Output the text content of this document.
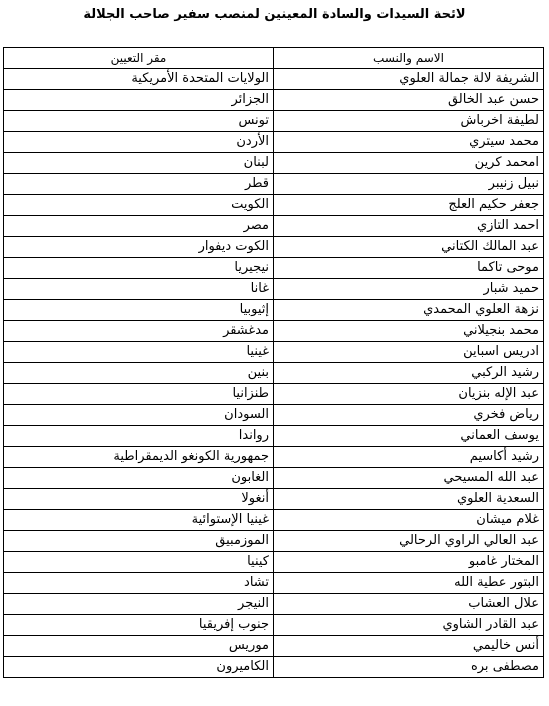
لائحة السيدات والسادة المعينين لمنصب سفير صاحب الجلالة
الاسم والنسب	مقر التعيين
الشريفة لالة جمالة العلوي	الولايات المتحدة الأمريكية
حسن عبد الخالق	الجزائر
لطيفة اخرباش	تونس
محمد سيتري	الأردن
امحمد كرين	لبنان
نبيل زنيبر	قطر
جعفر حكيم العلج	الكويت
احمد التازي	مصر
عبد المالك الكتاني	الكوت ديفوار
موحى تاكما	نيجيريا
حميد شبار	غانا
نزهة العلوي المحمدي	إثيوبيا
محمد بنجيلاني	مدغشقر
ادريس اسباين	غينيا
رشيد الركبي	بنين
عبد الإله بنزيان	طنزانيا
رياض فخري	السودان
يوسف العماني	رواندا
رشيد أكاسيم	جمهورية الكونغو الديمقراطية
عبد الله المسيحي	الغابون
السعدية العلوي	أنغولا
غلام ميشان	غينيا الإستوائية
عبد العالي الراوي الرحالي	الموزمبيق
المختار غامبو	كينيا
البتور عطية الله	تشاد
علال العشاب	النيجر
عبد القادر الشاوي	جنوب إفريقيا
أنس خاليمي	موريس
مصطفى بره	الكاميرون
